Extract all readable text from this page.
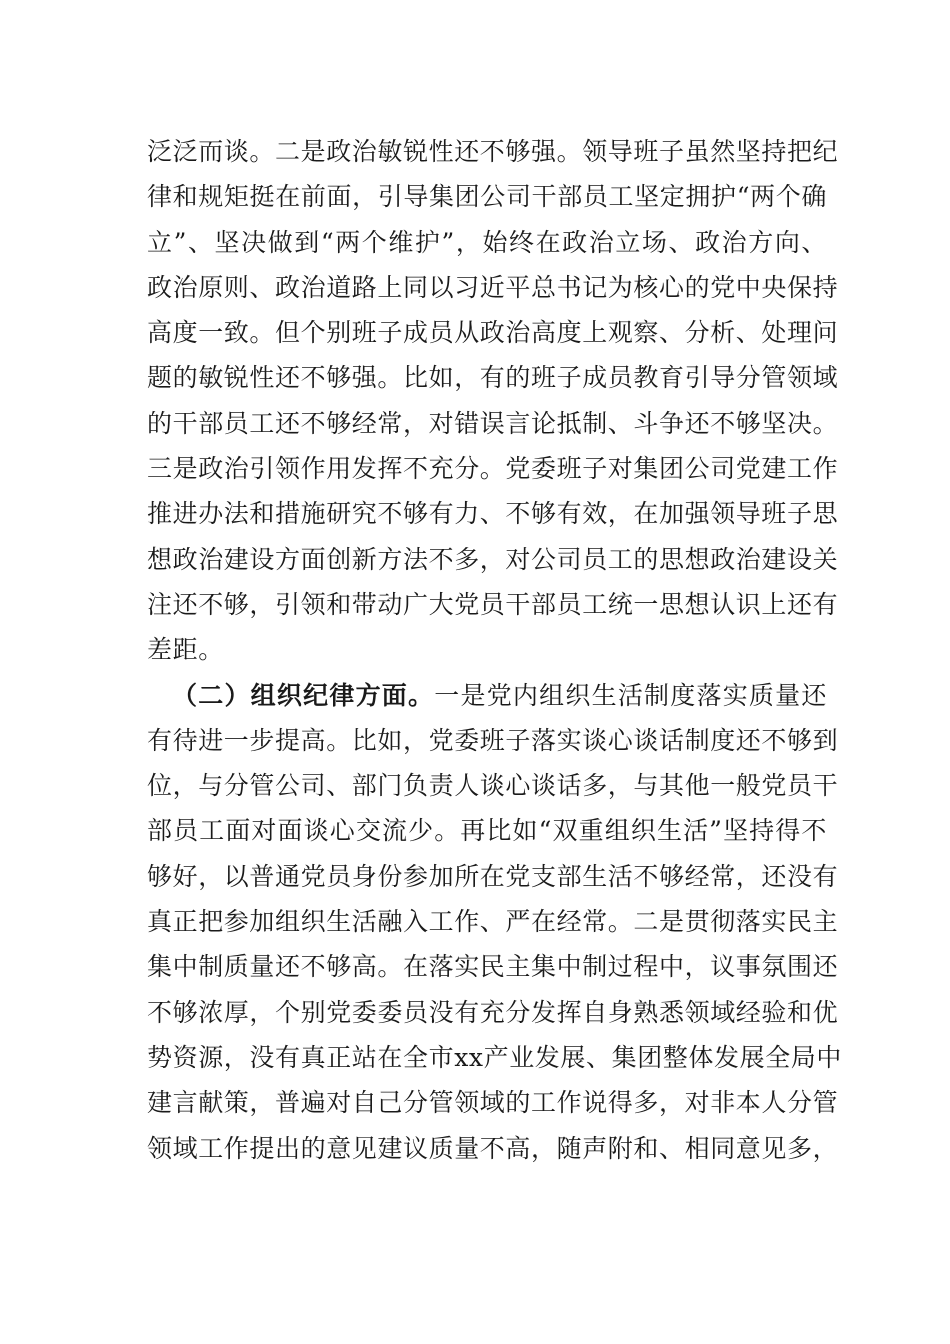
泛泛而谈。二是政治敏锐性还不够强。领导班子虽然坚持把纪
律和规矩挺在前面，引导集团公司干部员工坚定拥护“两个确
立”、坚决做到“两个维护”，始终在政治立场、政治方向、
政治原则、政治道路上同以习近平总书记为核心的党中央保持
高度一致。但个别班子成员从政治高度上观察、分析、处理问
题的敏锐性还不够强。比如，有的班子成员教育引导分管领域
的干部员工还不够经常，对错误言论抵制、斗争还不够坚决。
三是政治引领作用发挥不充分。党委班子对集团公司党建工作
推进办法和措施研究不够有力、不够有效，在加强领导班子思
想政治建设方面创新方法不多，对公司员工的思想政治建设关
注还不够，引领和带动广大党员干部员工统一思想认识上还有
差距。
（二）组织纪律方面。一是党内组织生活制度落实质量还
有待进一步提高。比如，党委班子落实谈心谈话制度还不够到
位，与分管公司、部门负责人谈心谈话多，与其他一般党员干
部员工面对面谈心交流少。再比如“双重组织生活”坚持得不
够好，以普通党员身份参加所在党支部生活不够经常，还没有
真正把参加组织生活融入工作、严在经常。二是贯彻落实民主
集中制质量还不够高。在落实民主集中制过程中，议事氛围还
不够浓厚，个别党委委员没有充分发挥自身熟悉领域经验和优
势资源，没有真正站在全市xx产业发展、集团整体发展全局中
建言献策，普遍对自己分管领域的工作说得多，对非本人分管
领域工作提出的意见建议质量不高，随声附和、相同意见多，
